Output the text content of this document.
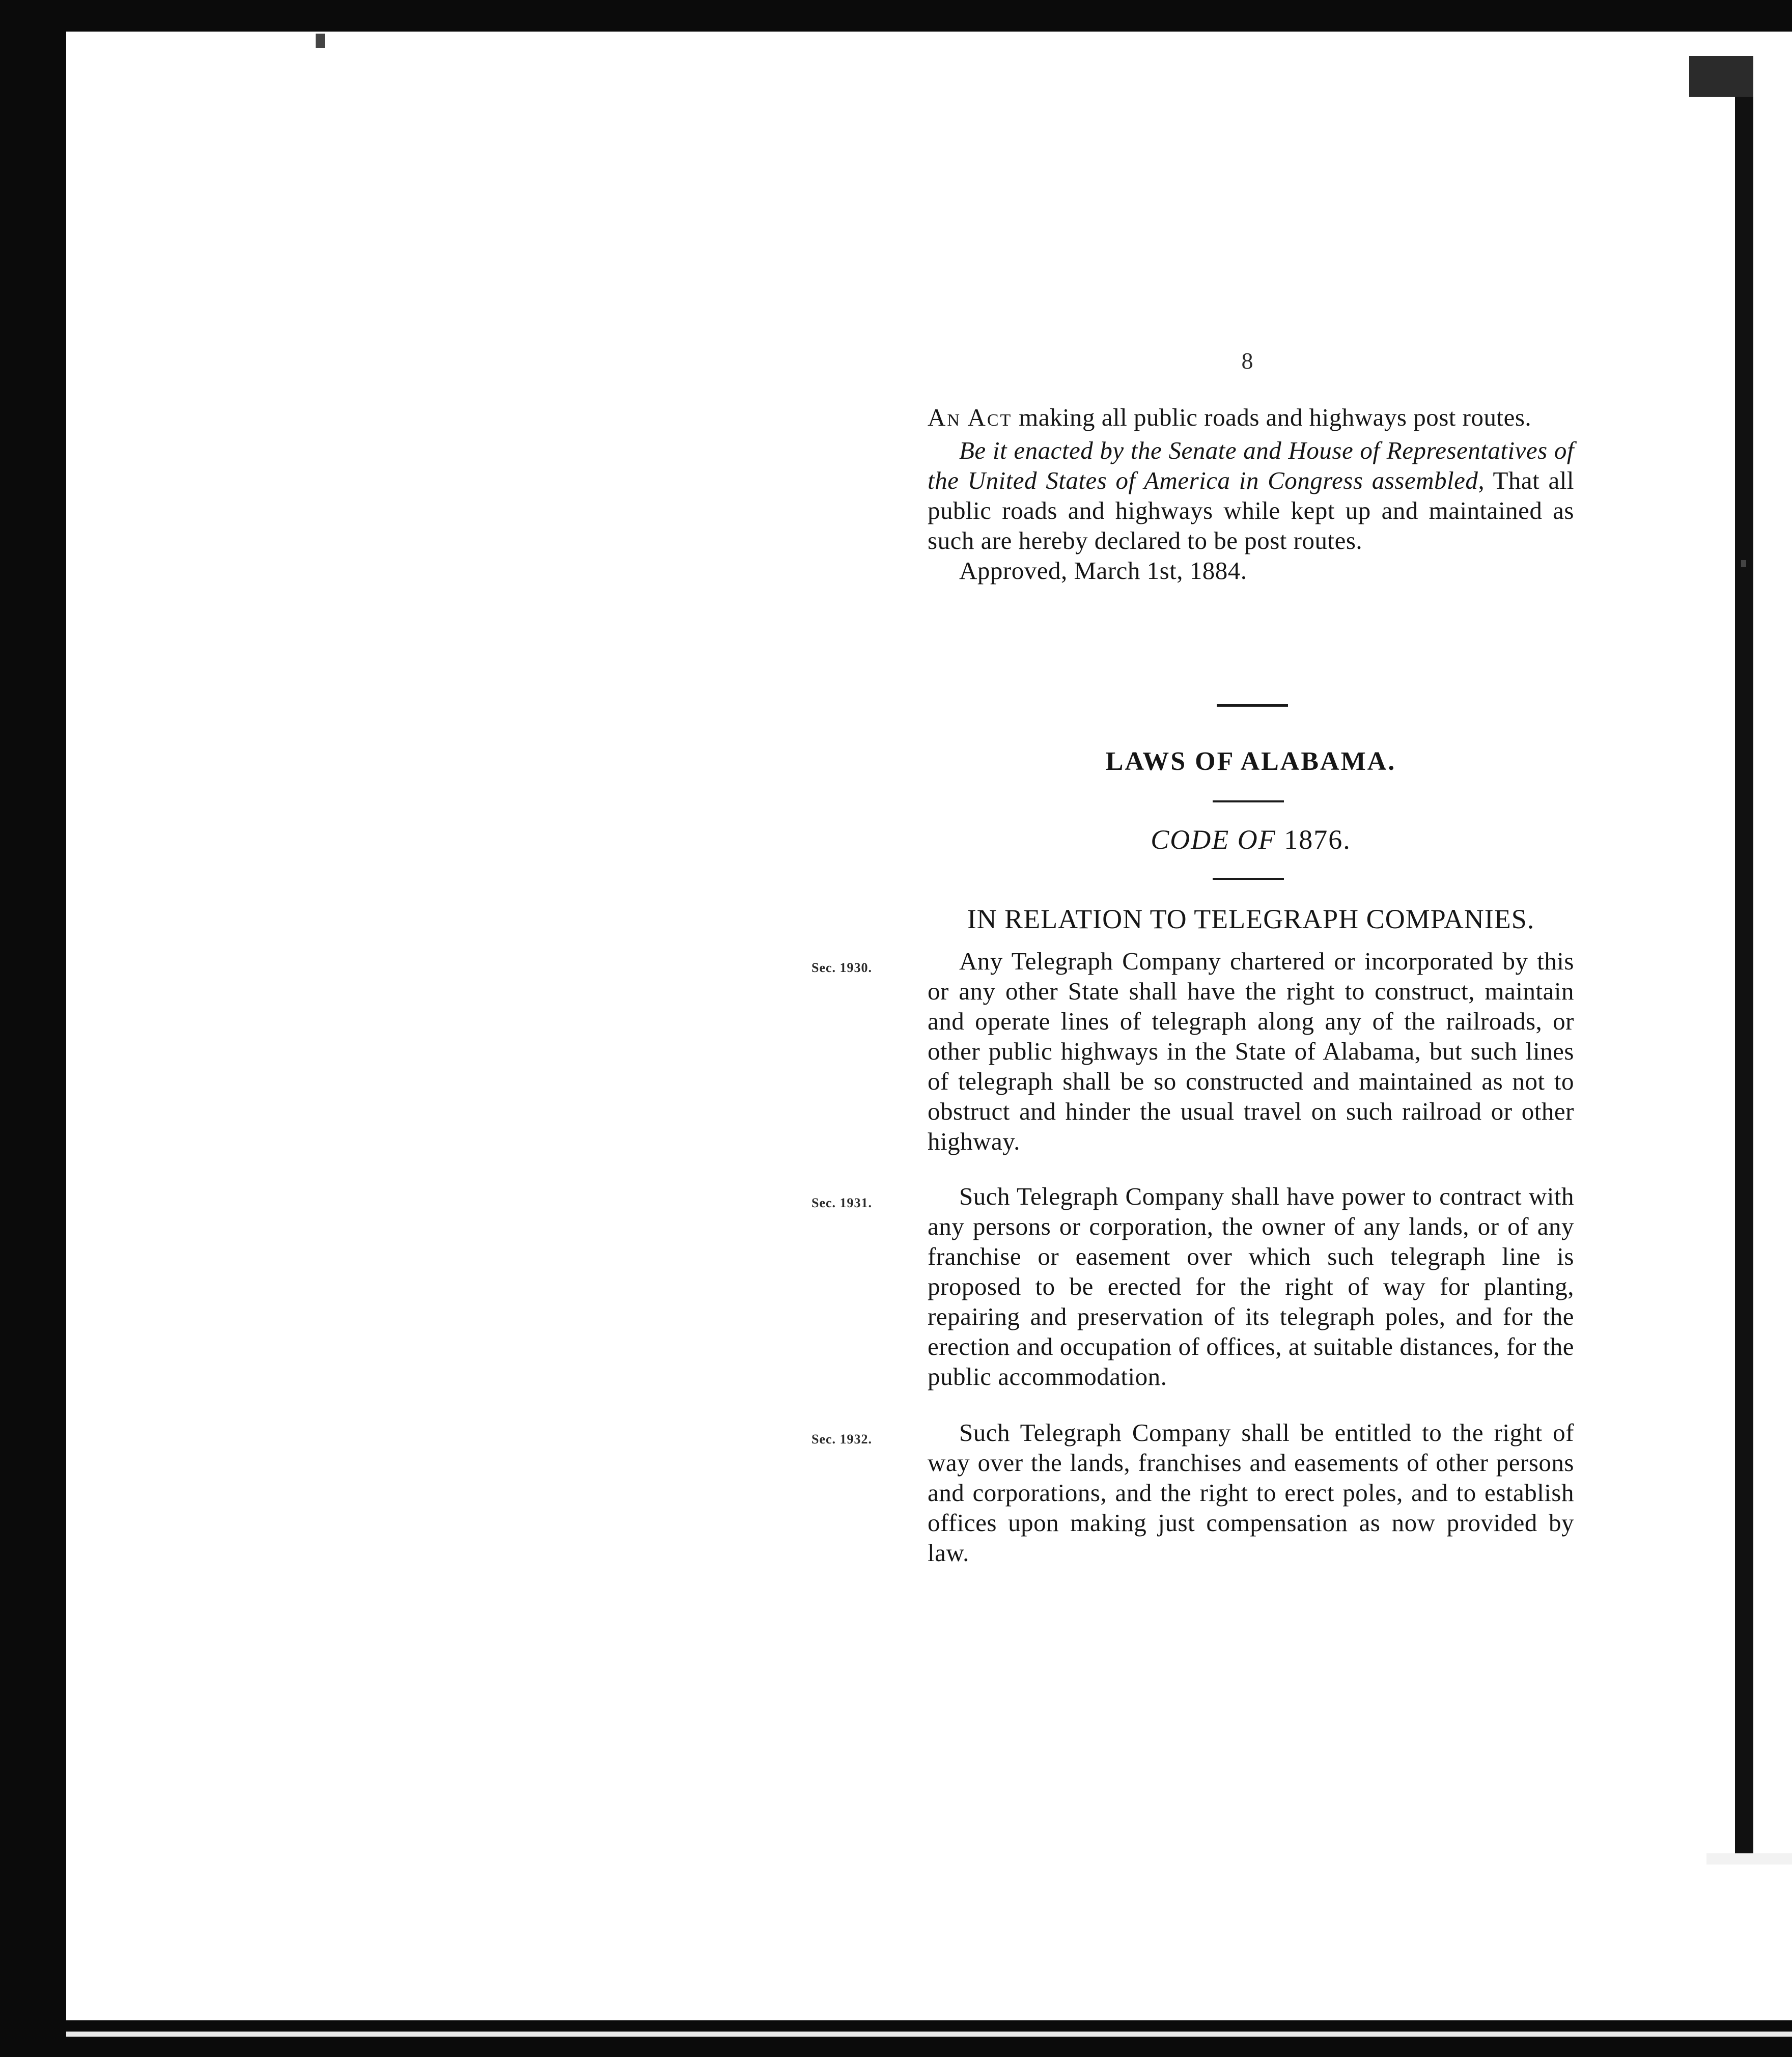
8

An Act making all public roads and highways post routes.

Be it enacted by the Senate and House of Representatives of the United States of America in Congress assembled, That all public roads and highways while kept up and maintained as such are hereby declared to be post routes.

Approved, March 1st, 1884.

LAWS OF ALABAMA.
CODE OF 1876.
IN RELATION TO TELEGRAPH COMPANIES.
Sec. 1930.	Any Telegraph Company chartered or incorporated by this or any other State shall have the right to construct, maintain and operate lines of telegraph along any of the railroads, or other public highways in the State of Alabama, but such lines of telegraph shall be so constructed and maintained as not to obstruct and hinder the usual travel on such railroad or other highway.

Sec. 1931.	Such Telegraph Company shall have power to contract with any persons or corporation, the owner of any lands, or of any franchise or easement over which such telegraph line is proposed to be erected for the right of way for planting, repairing and preservation of its telegraph poles, and for the erection and occupation of offices, at suitable distances, for the public accommodation.

Sec. 1932.	Such Telegraph Company shall be entitled to the right of way over the lands, franchises and easements of other persons and corporations, and the right to erect poles, and to establish offices upon making just compensation as now provided by law.
